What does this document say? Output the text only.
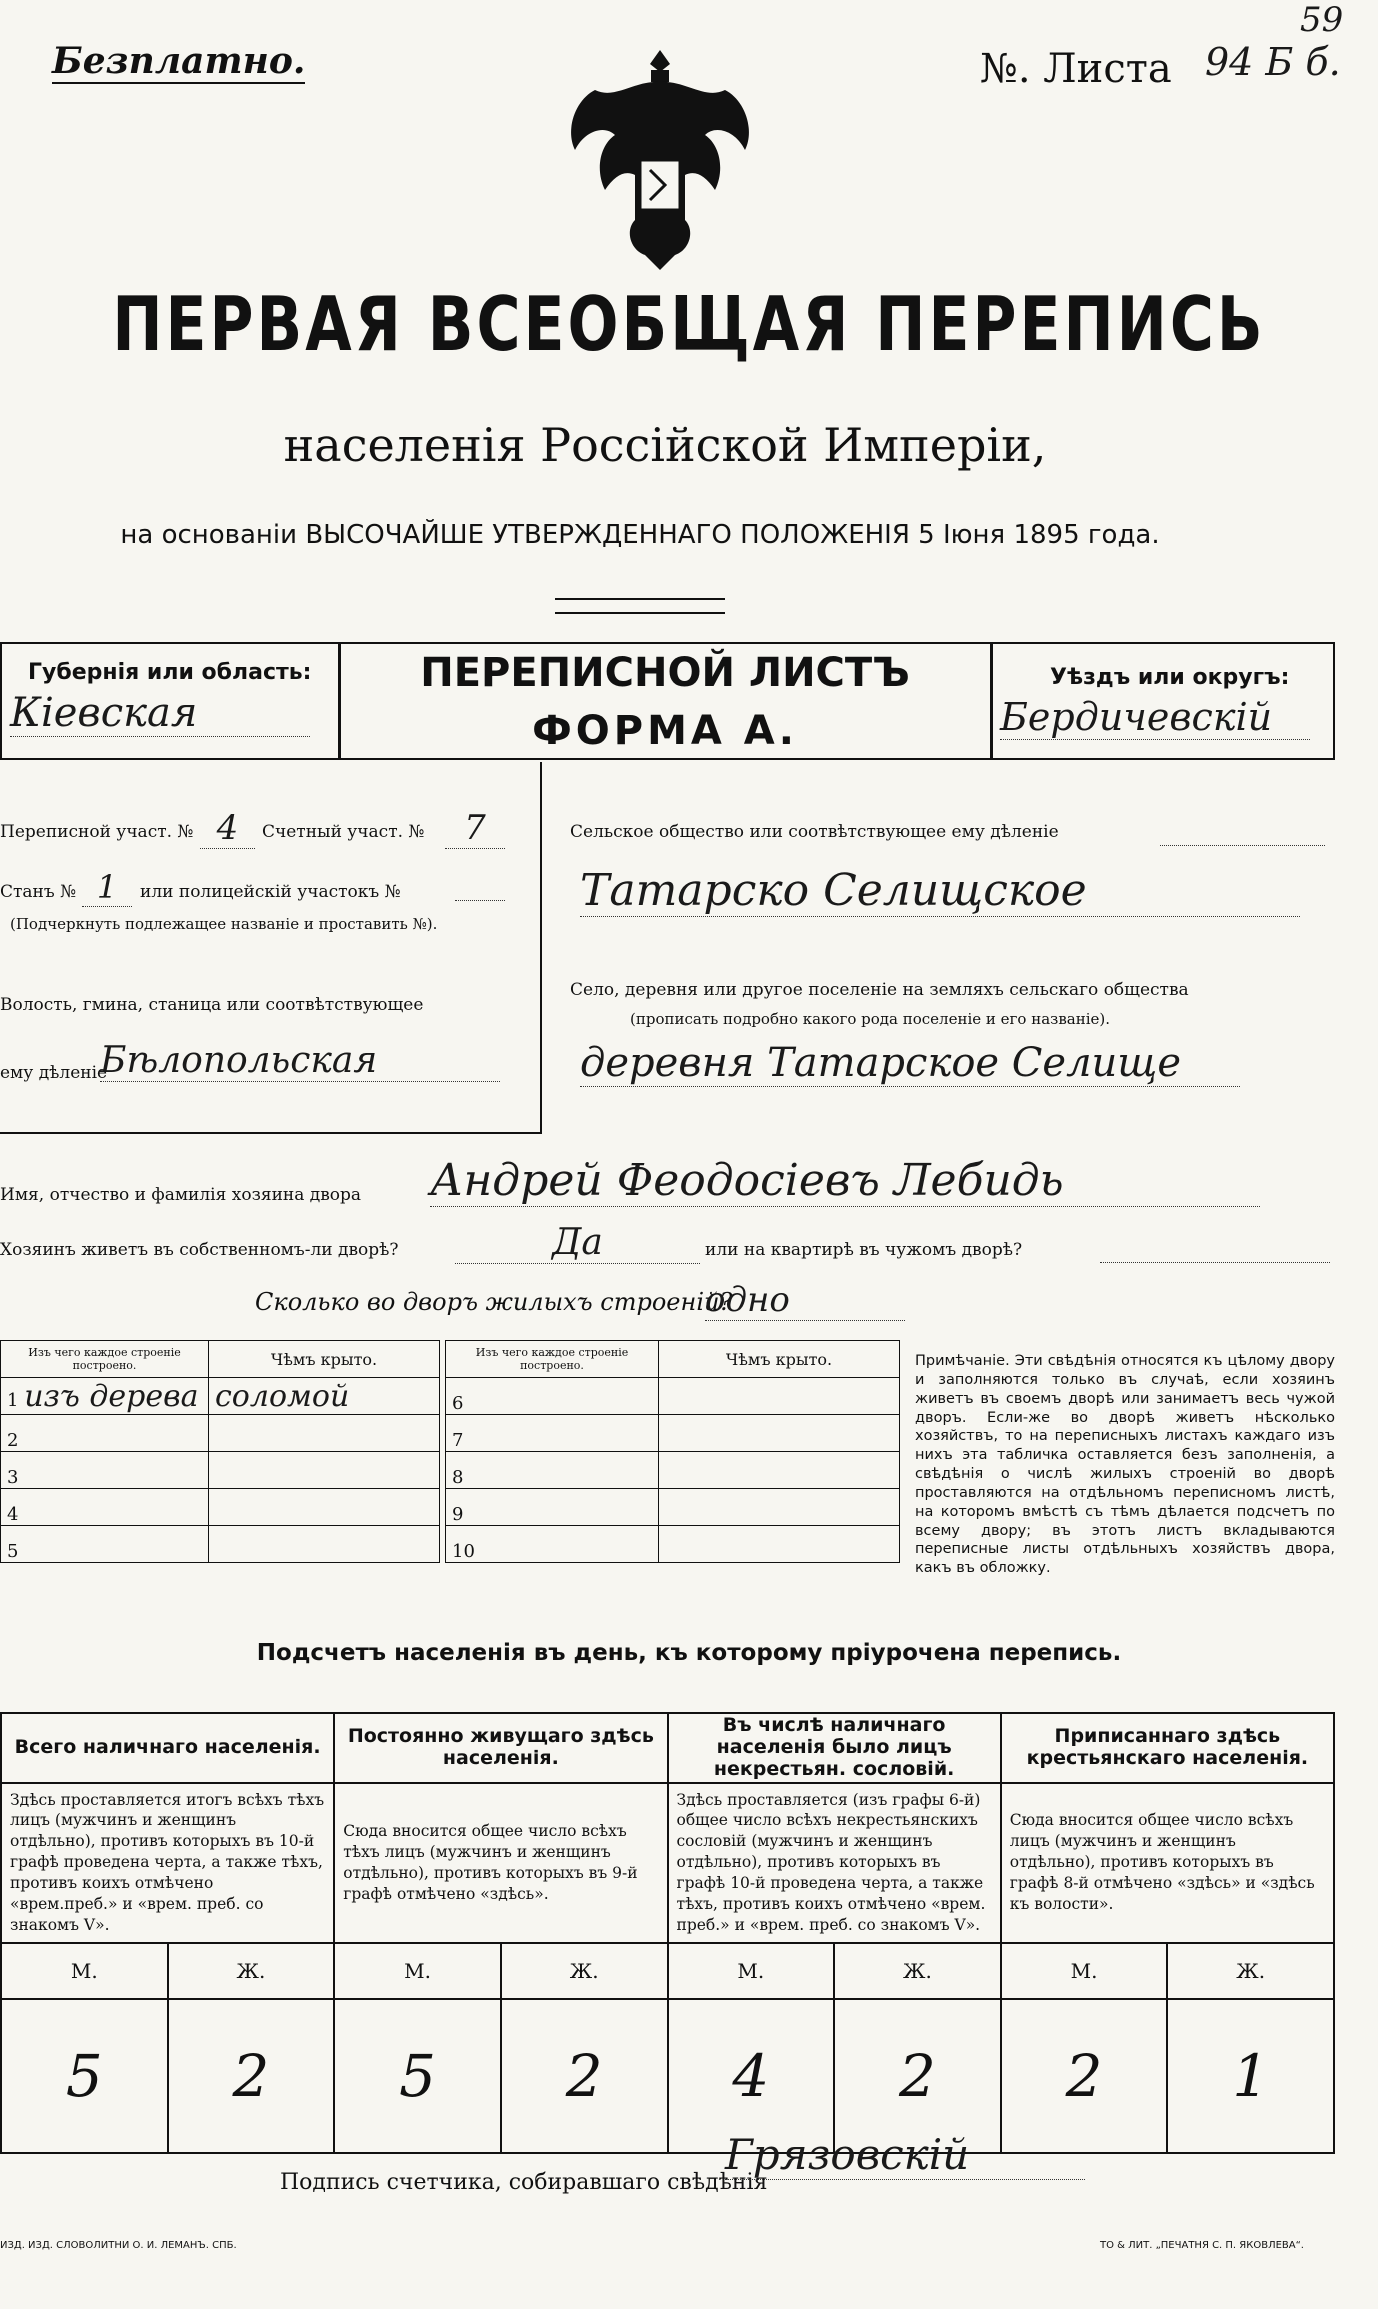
Безплатно.	№. Листа 94 Б б.
59
ПЕРВАЯ ВСЕОБЩАЯ ПЕРЕПИСЬ
населенія Россійской Имперіи,
на основаніи ВЫСОЧАЙШЕ УТВЕРЖДЕННАГО ПОЛОЖЕНІЯ 5 Іюня 1895 года.
Губернія или область:
Кіевская
ПЕРЕПИСНОЙ ЛИСТЪ
ФОРМА А.
Уѣздъ или округъ:
Бердичевскій
Переписной участ. № 4	Счетный участ. №	7
Станъ № 1	или полицейскій участокъ №
(Подчеркнуть подлежащее названіе и проставить №).
Волость, гмина, станица или соотвѣтствующее
ему дѣленіе
Бѣлопольская
Сельское общество или соотвѣтствующее ему дѣленіе
Татарско Селищское
Село, деревня или другое поселеніе на земляхъ сельскаго общества
(прописать подробно какого рода поселеніе и его названіе).
деревня Татарское Селище
Имя, отчество и фамилія хозяина двора Андрей Феодосіевъ Лебидь
Хозяинъ живетъ въ собственномъ-ли дворѣ?	Да	или на квартирѣ въ чужомъ дворѣ?
Сколько во дворъ жилыхъ строеній?
одно
Изъ чего каждое строеніе построено.	Чѣмъ крыто.
1 изъ дерева	соломой
2	
3	
4	
5	
Изъ чего каждое строеніе построено.	Чѣмъ крыто.
6	
7	
8	
9	
10	
Примѣчаніе. Эти свѣдѣнія относятся къ цѣлому двору и заполняются только въ случаѣ, если хозяинъ живетъ въ своемъ дворѣ или занимаетъ весь чужой дворъ. Если-же во дворѣ живетъ нѣсколько хозяйствъ, то на переписныхъ листахъ каждаго изъ нихъ эта табличка оставляется безъ заполненія, а свѣдѣнія о числѣ жилыхъ строеній во дворѣ проставляются на отдѣльномъ переписномъ листѣ, на которомъ вмѣстѣ съ тѣмъ дѣлается подсчетъ по всему двору; въ этотъ листъ вкладываются переписные листы отдѣльныхъ хозяйствъ двора, какъ въ обложку.
Подсчетъ населенія въ день, къ которому пріурочена перепись.
Всего наличнаго населенія.		Постоянно живущаго здѣсь населенія.		Въ числѣ наличнаго населенія было лицъ некрестьян. сословій.		Приписаннаго здѣсь крестьянскаго населенія.	
Здѣсь проставляется итогъ всѣхъ тѣхъ лицъ (мужчинъ и женщинъ отдѣльно), противъ которыхъ въ 10-й графѣ проведена черта, а также тѣхъ, противъ коихъ отмѣчено «врем.преб.» и «врем. преб. со знакомъ V».		Сюда вносится общее число всѣхъ тѣхъ лицъ (мужчинъ и женщинъ отдѣльно), противъ которыхъ въ 9-й графѣ отмѣчено «здѣсь».		Здѣсь проставляется (изъ графы 6-й) общее число всѣхъ некрестьянскихъ сословій (мужчинъ и женщинъ отдѣльно), противъ которыхъ въ графѣ 10-й проведена черта, а также тѣхъ, противъ коихъ отмѣчено «врем. преб.» и «врем. преб. со знакомъ V».		Сюда вносится общее число всѣхъ лицъ (мужчинъ и женщинъ отдѣльно), противъ которыхъ въ графѣ 8-й отмѣчено «здѣсь» и «здѣсь къ волости».	
М.	Ж.	М.	Ж.	М.	Ж.	М.	Ж.
5	2	5	2	4	2	2	1
Подпись счетчика, собиравшаго свѣдѣнія
Грязовскій
ИЗД. ИЗД. СЛОВОЛИТНИ О. И. ЛЕМАНЪ. СПБ.	ТО & ЛИТ. „ПЕЧАТНЯ С. П. ЯКОВЛЕВА“.
